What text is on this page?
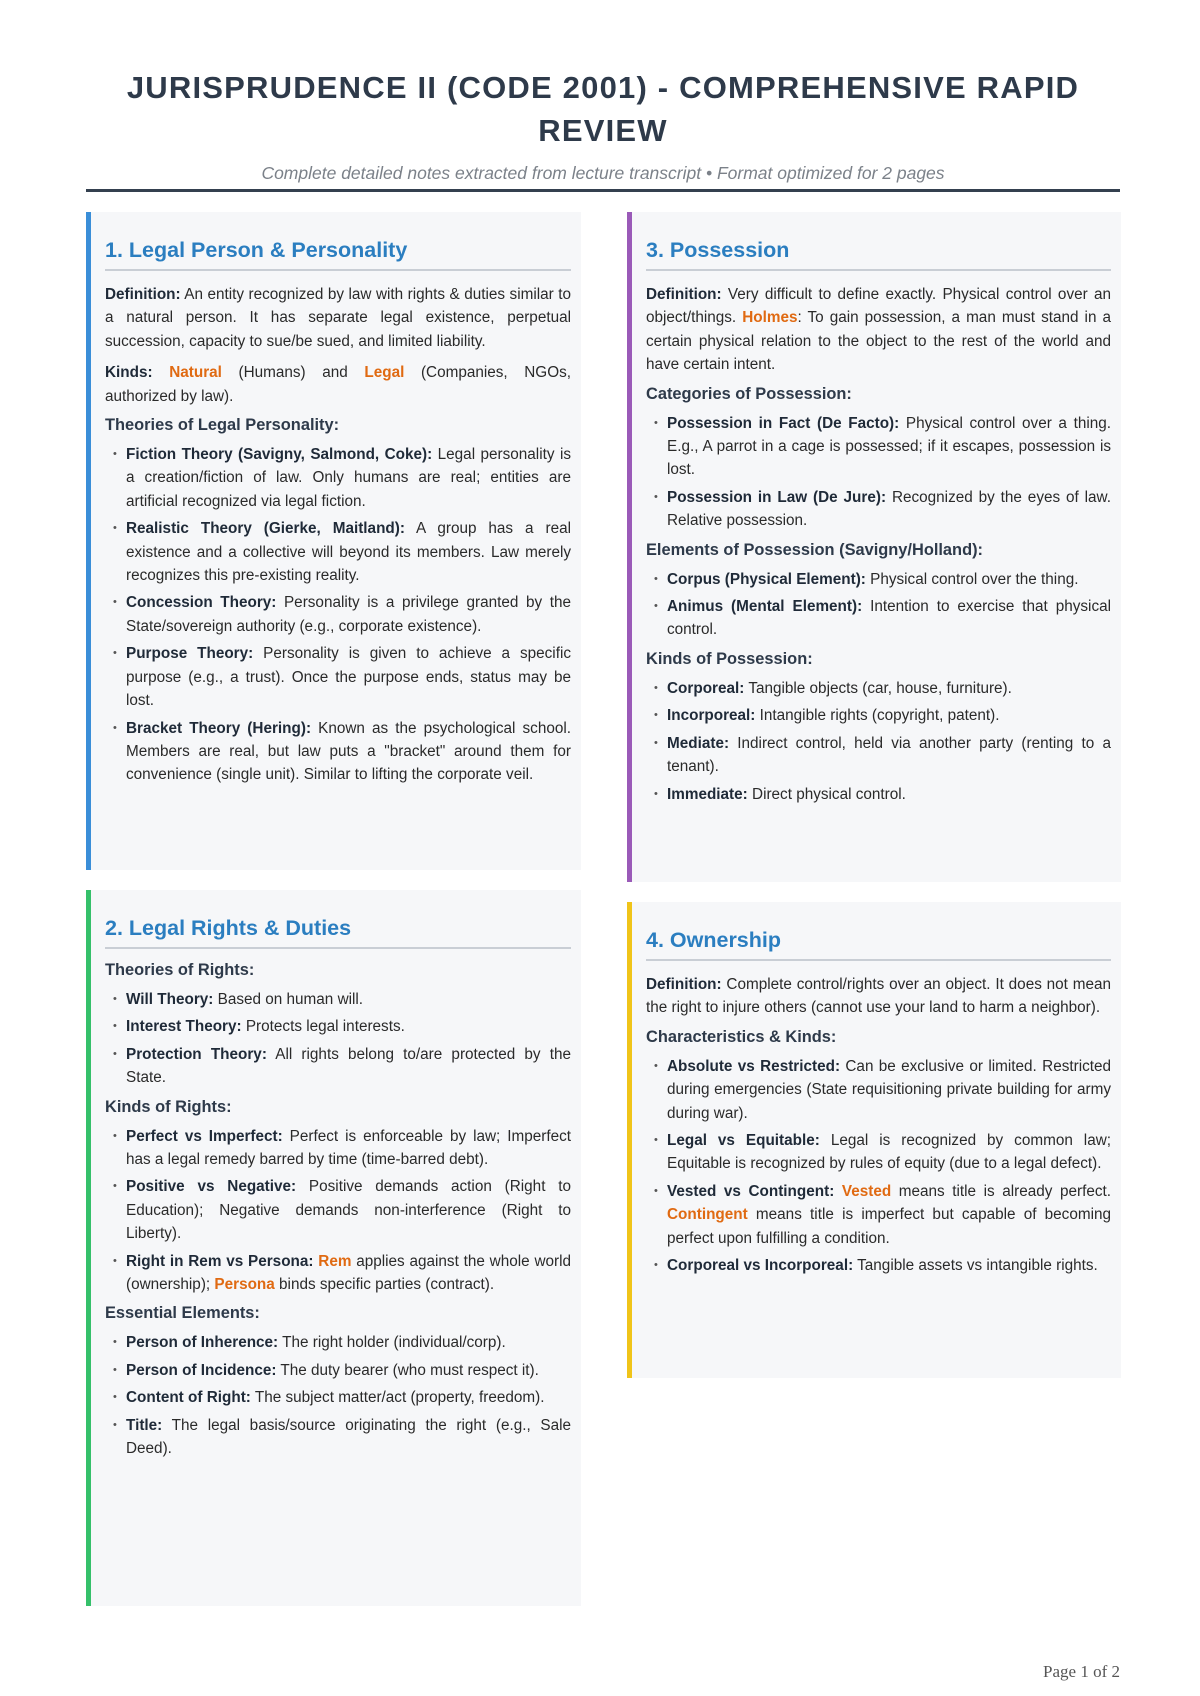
JURISPRUDENCE II (CODE 2001) - COMPREHENSIVE RAPID REVIEW
Complete detailed notes extracted from lecture transcript • Format optimized for 2 pages
1. Legal Person & Personality

Definition: An entity recognized by law with rights & duties similar to a natural person. It has separate legal existence, perpetual succession, capacity to sue/be sued, and limited liability.

Kinds: Natural (Humans) and Legal (Companies, NGOs, authorized by law).

Theories of Legal Personality:
• Fiction Theory (Savigny, Salmond, Coke): Legal personality is a creation/fiction of law. Only humans are real; entities are artificial recognized via legal fiction.
• Realistic Theory (Gierke, Maitland): A group has a real existence and a collective will beyond its members. Law merely recognizes this pre-existing reality.
• Concession Theory: Personality is a privilege granted by the State/sovereign authority (e.g., corporate existence).
• Purpose Theory: Personality is given to achieve a specific purpose (e.g., a trust). Once the purpose ends, status may be lost.
• Bracket Theory (Hering): Known as the psychological school. Members are real, but law puts a "bracket" around them for convenience (single unit). Similar to lifting the corporate veil.
2. Legal Rights & Duties
Theories of Rights:
• Will Theory: Based on human will.
• Interest Theory: Protects legal interests.
• Protection Theory: All rights belong to/are protected by the State.
Kinds of Rights:
• Perfect vs Imperfect: Perfect is enforceable by law; Imperfect has a legal remedy barred by time (time-barred debt).
• Positive vs Negative: Positive demands action (Right to Education); Negative demands non-interference (Right to Liberty).
• Right in Rem vs Persona: Rem applies against the whole world (ownership); Persona binds specific parties (contract).
Essential Elements:
• Person of Inherence: The right holder (individual/corp).
• Person of Incidence: The duty bearer (who must respect it).
• Content of Right: The subject matter/act (property, freedom).
• Title: The legal basis/source originating the right (e.g., Sale Deed).
3. Possession

Definition: Very difficult to define exactly. Physical control over an object/things. Holmes: To gain possession, a man must stand in a certain physical relation to the object to the rest of the world and have certain intent.

Categories of Possession:
• Possession in Fact (De Facto): Physical control over a thing. E.g., A parrot in a cage is possessed; if it escapes, possession is lost.
• Possession in Law (De Jure): Recognized by the eyes of law. Relative possession.
Elements of Possession (Savigny/Holland):
• Corpus (Physical Element): Physical control over the thing.
• Animus (Mental Element): Intention to exercise that physical control.
Kinds of Possession:
• Corporeal: Tangible objects (car, house, furniture).
• Incorporeal: Intangible rights (copyright, patent).
• Mediate: Indirect control, held via another party (renting to a tenant).
• Immediate: Direct physical control.
4. Ownership

Definition: Complete control/rights over an object. It does not mean the right to injure others (cannot use your land to harm a neighbor).

Characteristics & Kinds:
• Absolute vs Restricted: Can be exclusive or limited. Restricted during emergencies (State requisitioning private building for army during war).
• Legal vs Equitable: Legal is recognized by common law; Equitable is recognized by rules of equity (due to a legal defect).
• Vested vs Contingent: Vested means title is already perfect. Contingent means title is imperfect but capable of becoming perfect upon fulfilling a condition.
• Corporeal vs Incorporeal: Tangible assets vs intangible rights.
Page 1 of 2
